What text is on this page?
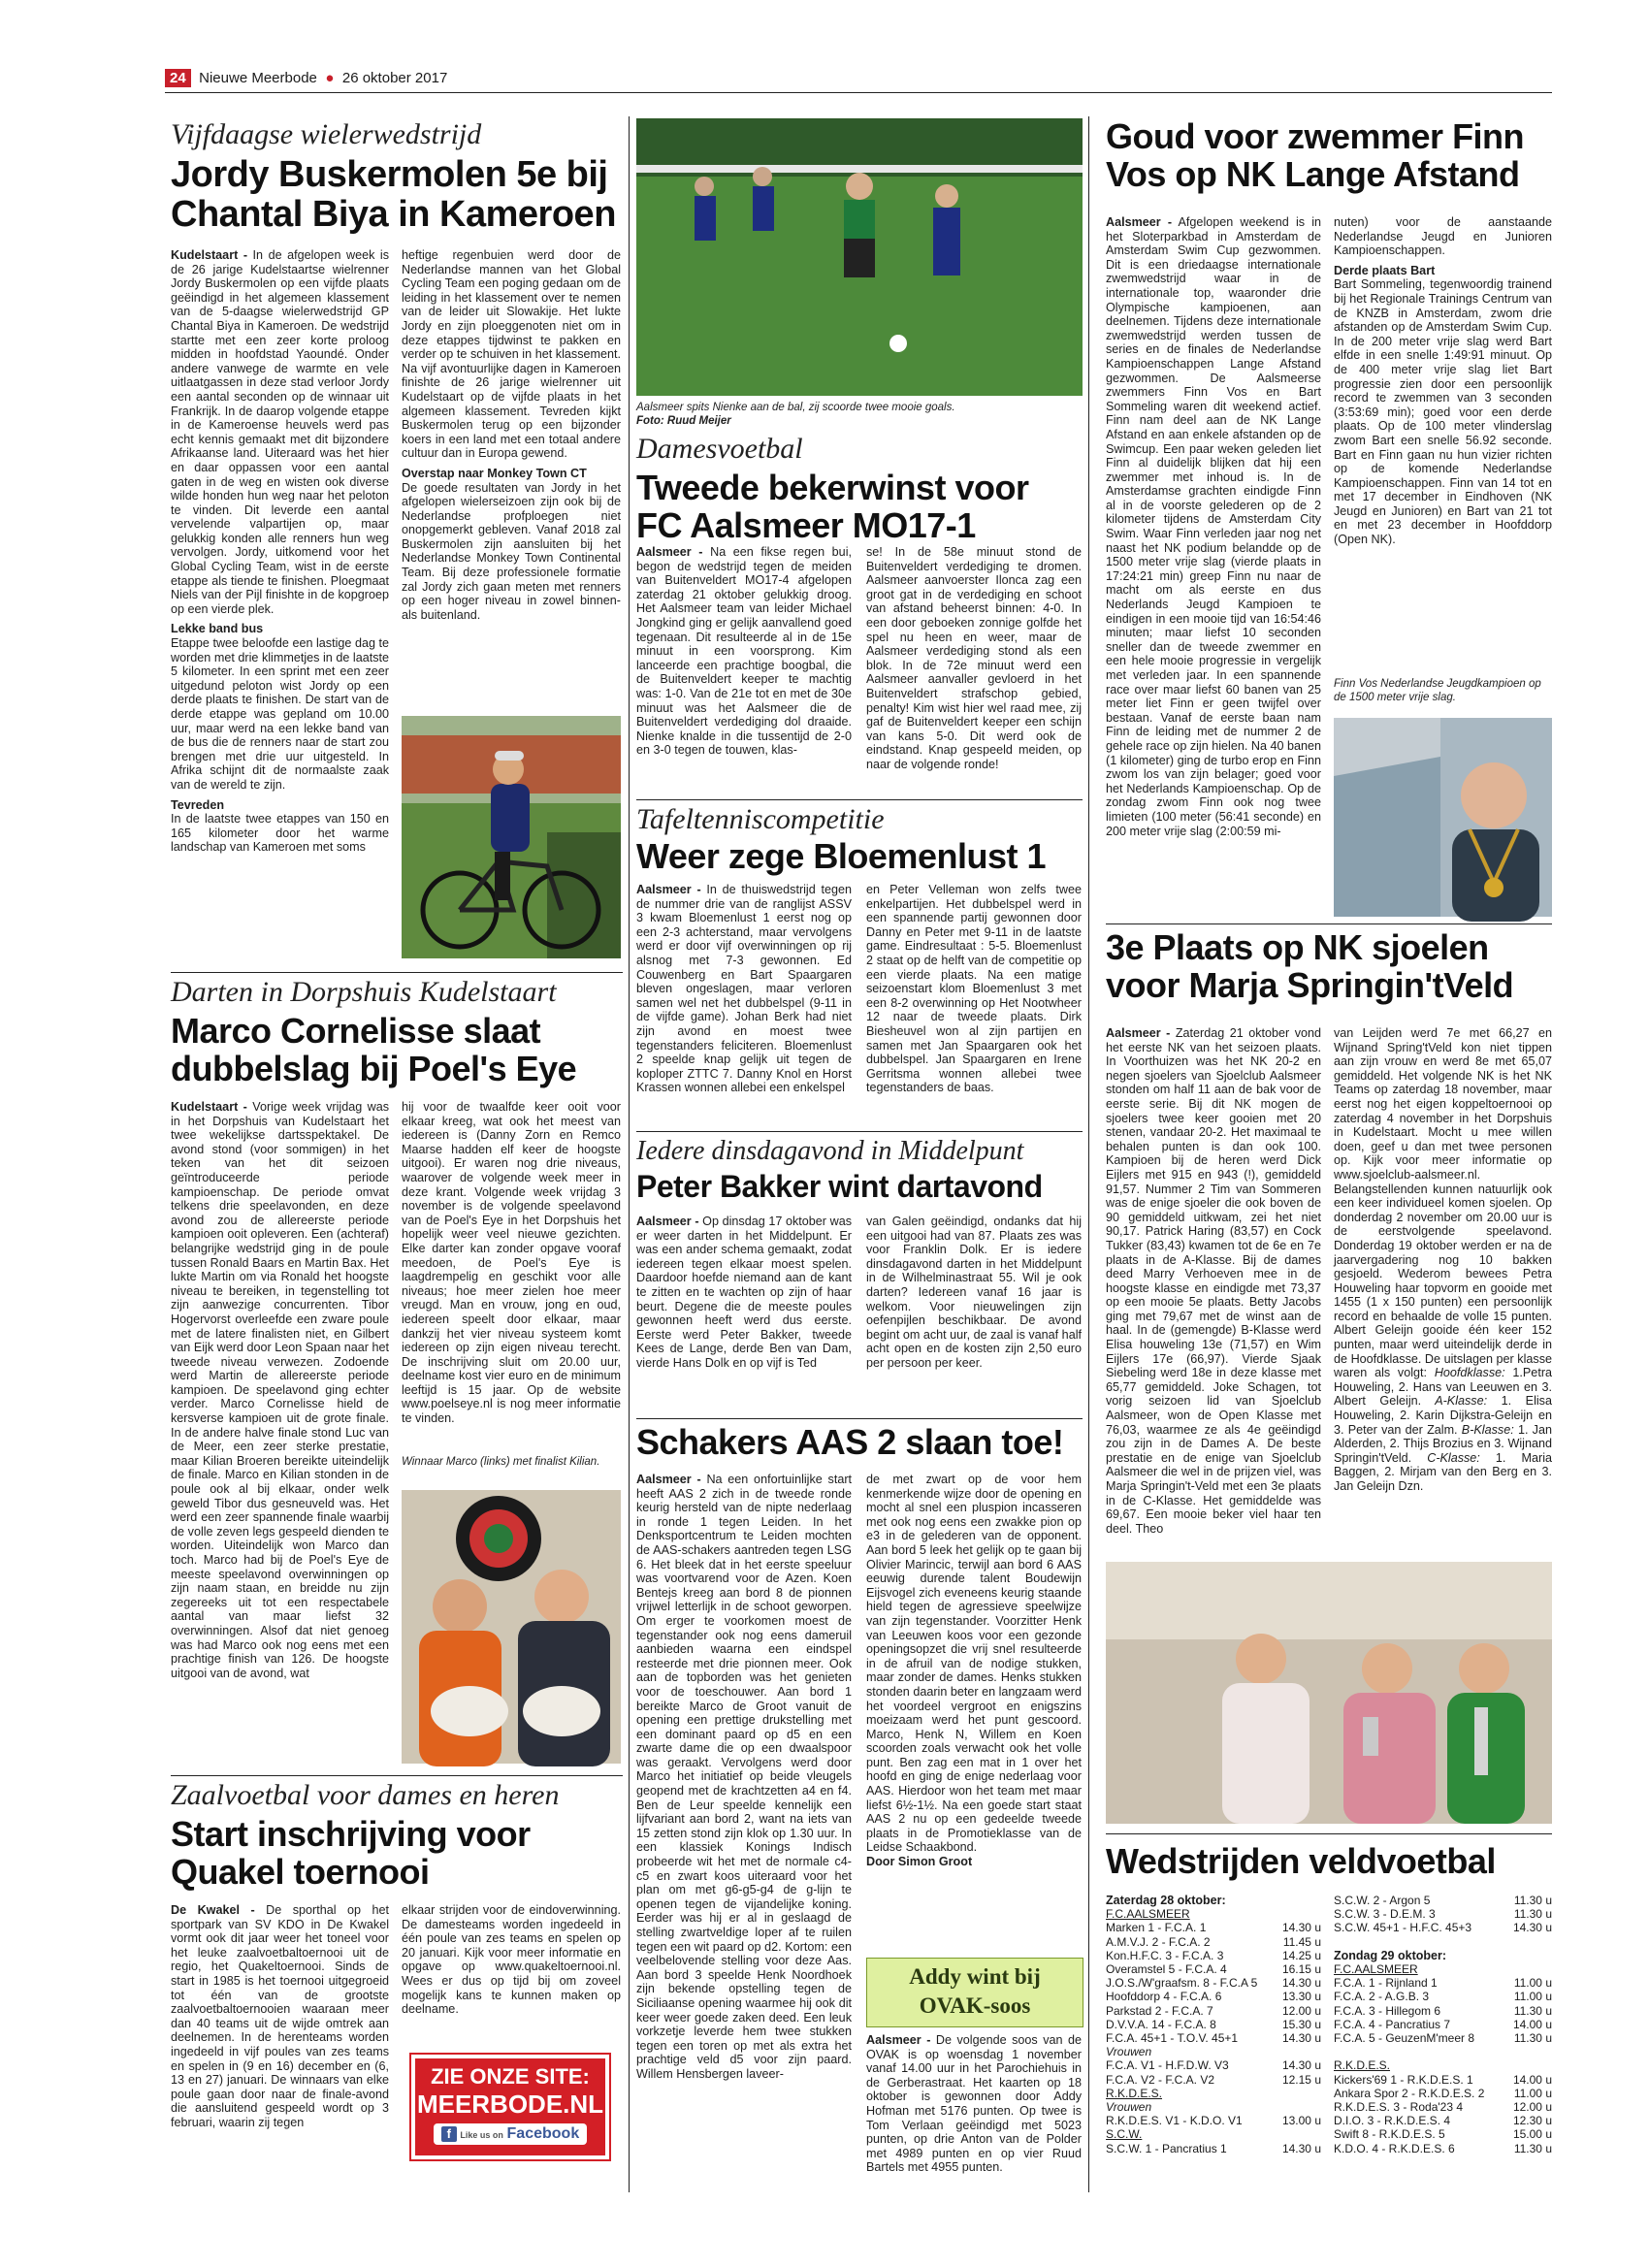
24 Nieuwe Meerbode ● 26 oktober 2017
Vijfdaagse wielerwedstrijd
Jordy Buskermolen 5e bij Chantal Biya in Kameroen
Kudelstaart - In de afgelopen week is de 26 jarige Kudelstaartse wielrenner Jordy Buskermolen op een vijfde plaats geëindigd in het algemeen klassement van de 5-daagse wielerwedstrijd GP Chantal Biya in Kameroen. De wedstrijd startte met een zeer korte proloog midden in hoofdstad Yaoundé. Onder andere vanwege de warmte en vele uitlaatgassen in deze stad verloor Jordy een aantal seconden op de winnaar uit Frankrijk. In de daarop volgende etappe in de Kameroense heuvels werd pas echt kennis gemaakt met dit bijzondere Afrikaanse land. Uiteraard was het hier en daar oppassen voor een aantal gaten in de weg en wisten ook diverse wilde honden hun weg naar het peloton te vinden. Dit leverde een aantal vervelende valpartijen op, maar gelukkig konden alle renners hun weg vervolgen. Jordy, uitkomend voor het Global Cycling Team, wist in de eerste etappe als tiende te finishen. Ploegmaat Niels van der Pijl finishte in de kopgroep op een vierde plek.
Lekke band bus
Etappe twee beloofde een lastige dag te worden met drie klimmetjes in de laatste 5 kilometer. In een sprint met een zeer uitgedund peloton wist Jordy op een derde plaats te finishen. De start van de derde etappe was gepland om 10.00 uur, maar werd na een lekke band van de bus die de renners naar de start zou brengen met drie uur uitgesteld. In Afrika schijnt dit de normaalste zaak van de wereld te zijn.
Tevreden
In de laatste twee etappes van 150 en 165 kilometer door het warme landschap van Kameroen met soms
heftige regenbuien werd door de Nederlandse mannen van het Global Cycling Team een poging gedaan om de leiding in het klassement over te nemen van de leider uit Slowakije. Het lukte Jordy en zijn ploeggenoten niet om in deze etappes tijdwinst te pakken en verder op te schuiven in het klassement. Na vijf avontuurlijke dagen in Kameroen finishte de 26 jarige wielrenner uit Kudelstaart op de vijfde plaats in het algemeen klassement. Tevreden kijkt Buskermolen terug op een bijzonder koers in een land met een totaal andere cultuur dan in Europa gewend.
Overstap naar Monkey Town CT
De goede resultaten van Jordy in het afgelopen wielerseizoen zijn ook bij de Nederlandse profploegen niet onopgemerkt gebleven. Vanaf 2018 zal Buskermolen zijn aansluiten bij het Nederlandse Monkey Town Continental Team. Bij deze professionele formatie zal Jordy zich gaan meten met renners op een hoger niveau in zowel binnen- als buitenland.
Darten in Dorpshuis Kudelstaart
Marco Cornelisse slaat dubbelslag bij Poel's Eye
Kudelstaart - Vorige week vrijdag was in het Dorpshuis van Kudelstaart het twee wekelijkse dartsspektakel. De avond stond (voor sommigen) in het teken van het dit seizoen geïntroduceerde periode kampioenschap. De periode omvat telkens drie speelavonden, en deze avond zou de allereerste periode kampioen ooit opleveren. Een (achteraf) belangrijke wedstrijd ging in de poule tussen Ronald Baars en Martin Bax. Het lukte Martin om via Ronald het hoogste niveau te bereiken, in tegenstelling tot zijn aanwezige concurrenten. Tibor Hogervorst overleefde een zware poule met de latere finalisten niet, en Gilbert van Eijk werd door Leon Spaan naar het tweede niveau verwezen. Zodoende werd Martin de allereerste periode kampioen. De speelavond ging echter verder. Marco Cornelisse hield de kersverse kampioen uit de grote finale. In de andere halve finale stond Luc van de Meer, een zeer sterke prestatie, maar Kilian Broeren bereikte uiteindelijk de finale. Marco en Kilian stonden in de poule ook al bij elkaar, onder welk geweld Tibor dus gesneuveld was. Het werd een zeer spannende finale waarbij de volle zeven legs gespeeld dienden te worden. Uiteindelijk won Marco dan toch. Marco had bij de Poel's Eye de meeste speelavond overwinningen op zijn naam staan, en breidde nu zijn zegereeks uit tot een respectabele aantal van maar liefst 32 overwinningen. Alsof dat niet genoeg was had Marco ook nog eens met een prachtige finish van 126. De hoogste uitgooi van de avond, wat
hij voor de twaalfde keer ooit voor elkaar kreeg, wat ook het meest van iedereen is (Danny Zorn en Remco Maarse hadden elf keer de hoogste uitgooi). Er waren nog drie niveaus, waarover de volgende week meer in deze krant. Volgende week vrijdag 3 november is de volgende speelavond van de Poel's Eye in het Dorpshuis het hopelijk weer veel nieuwe gezichten. Elke darter kan zonder opgave vooraf meedoen, de Poel's Eye is laagdrempelig en geschikt voor alle niveaus; hoe meer zielen hoe meer vreugd. Man en vrouw, jong en oud, iedereen speelt door elkaar, maar dankzij het vier niveau systeem komt iedereen op zijn eigen niveau terecht. De inschrijving sluit om 20.00 uur, deelname kost vier euro en de minimum leeftijd is 15 jaar. Op de website www.poelseye.nl is nog meer informatie te vinden.
Winnaar Marco (links) met finalist Kilian.
Zaalvoetbal voor dames en heren
Start inschrijving voor Quakel toernooi
De Kwakel - De sporthal op het sportpark van SV KDO in De Kwakel vormt ook dit jaar weer het toneel voor het leuke zaalvoetbaltoernooi uit de regio, het Quakeltoernooi. Sinds de start in 1985 is het toernooi uitgegroeid tot één van de grootste zaalvoetbaltoernooien waaraan meer dan 40 teams uit de wijde omtrek aan deelnemen. In de herenteams worden ingedeeld in vijf poules van zes teams en spelen in (9 en 16) december en (6, 13 en 27) januari. De winnaars van elke poule gaan door naar de finale-avond die aansluitend gespeeld wordt op 3 februari, waarin zij tegen
elkaar strijden voor de eindoverwinning. De damesteams worden ingedeeld in één poule van zes teams en spelen op 20 januari. Kijk voor meer informatie en opgave op www.quakeltoernooi.nl. Wees er dus op tijd bij om zoveel mogelijk kans te kunnen maken op deelname.
ZIE ONZE SITE:
MEERBODE.NL
f Like us on Facebook
Aalsmeer spits Nienke aan de bal, zij scoorde twee mooie goals.
Foto: Ruud Meijer
Damesvoetbal
Tweede bekerwinst voor FC Aalsmeer MO17-1
Aalsmeer - Na een fikse regen bui, begon de wedstrijd tegen de meiden van Buitenveldert MO17-4 afgelopen zaterdag 21 oktober gelukkig droog. Het Aalsmeer team van leider Michael Jongkind ging er gelijk aanvallend goed tegenaan. Dit resulteerde al in de 15e minuut in een voorsprong. Kim lanceerde een prachtige boogbal, die de Buitenveldert keeper te machtig was: 1-0. Van de 21e tot en met de 30e minuut was het Aalsmeer die de Buitenveldert verdediging dol draaide. Nienke knalde in die tussentijd de 2-0 en 3-0 tegen de touwen, klas-
se! In de 58e minuut stond de Buitenveldert verdediging te dromen. Aalsmeer aanvoerster Ilonca zag een groot gat in de verdediging en schoot van afstand beheerst binnen: 4-0. In een door geboeken zonnige golfde het spel nu heen en weer, maar de Aalsmeer verdediging stond als een blok. In de 72e minuut werd een Aalsmeer aanvaller gevloerd in het Buitenveldert strafschop gebied, penalty! Kim wist hier wel raad mee, zij gaf de Buitenveldert keeper een schijn van kans 5-0. Dit werd ook de eindstand. Knap gespeeld meiden, op naar de volgende ronde!
Tafeltenniscompetitie
Weer zege Bloemenlust 1
Aalsmeer - In de thuiswedstrijd tegen de nummer drie van de ranglijst ASSV 3 kwam Bloemenlust 1 eerst nog op een 2-3 achterstand, maar vervolgens werd er door vijf overwinningen op rij alsnog met 7-3 gewonnen. Ed Couwenberg en Bart Spaargaren bleven ongeslagen, maar verloren samen wel net het dubbelspel (9-11 in de vijfde game). Johan Berk had niet zijn avond en moest twee tegenstanders feliciteren. Bloemenlust 2 speelde knap gelijk uit tegen de koploper ZTTC 7. Danny Knol en Horst Krassen wonnen allebei een enkelspel
en Peter Velleman won zelfs twee enkelpartijen. Het dubbelspel werd in een spannende partij gewonnen door Danny en Peter met 9-11 in de laatste game. Eindresultaat : 5-5. Bloemenlust 2 staat op de helft van de competitie op een vierde plaats. Na een matige seizoenstart klom Bloemenlust 3 met een 8-2 overwinning op Het Nootwheer 12 naar de tweede plaats. Dirk Biesheuvel won al zijn partijen en samen met Jan Spaargaren ook het dubbelspel. Jan Spaargaren en Irene Gerritsma wonnen allebei twee tegenstanders de baas.
Iedere dinsdagavond in Middelpunt
Peter Bakker wint dartavond
Aalsmeer - Op dinsdag 17 oktober was er weer darten in het Middelpunt. Er was een ander schema gemaakt, zodat iedereen tegen elkaar moest spelen. Daardoor hoefde niemand aan de kant te zitten en te wachten op zijn of haar beurt. Degene die de meeste poules gewonnen heeft werd dus eerste. Eerste werd Peter Bakker, tweede Kees de Lange, derde Ben van Dam, vierde Hans Dolk en op vijf is Ted
van Galen geëindigd, ondanks dat hij een uitgooi had van 87. Plaats zes was voor Franklin Dolk. Er is iedere dinsdagavond darten in het Middelpunt in de Wilhelminastraat 55. Wil je ook darten? Iedereen vanaf 16 jaar is welkom. Voor nieuwelingen zijn oefenpijlen beschikbaar. De avond begint om acht uur, de zaal is vanaf half acht open en de kosten zijn 2,50 euro per persoon per keer.
Schakers AAS 2 slaan toe!
Aalsmeer - Na een onfortuinlijke start heeft AAS 2 zich in de tweede ronde keurig hersteld van de nipte nederlaag in ronde 1 tegen Leiden. In het Denksportcentrum te Leiden mochten de AAS-schakers aantreden tegen LSG 6. Het bleek dat in het eerste speeluur was voortvarend voor de Azen. Koen Bentejs kreeg aan bord 8 de pionnen vrijwel letterlijk in de schoot geworpen. Om erger te voorkomen moest de tegenstander ook nog eens dameruil aanbieden waarna een eindspel resteerde met drie pionnen meer. Ook aan de topborden was het genieten voor de toeschouwer. Aan bord 1 bereikte Marco de Groot vanuit de opening een prettige drukstelling met een dominant paard op d5 en een zwarte dame die op een dwaalspoor was geraakt. Vervolgens werd door Marco het initiatief op beide vleugels geopend met de krachtzetten a4 en f4. Ben de Leur speelde kennelijk een lijfvariant aan bord 2, want na iets van 15 zetten stond zijn klok op 1.30 uur. In een klassiek Konings Indisch probeerde wit het met de normale c4-c5 en zwart koos uiteraard voor het plan om met g6-g5-g4 de g-lijn te openen tegen de vijandelijke koning. Eerder was hij er al in geslaagd de stelling zwartveldige loper af te ruilen tegen een wit paard op d2. Kortom: een veelbelovende stelling voor deze Aas. Aan bord 3 speelde Henk Noordhoek zijn bekende opstelling tegen de Siciliaanse opening waarmee hij ook dit keer weer goede zaken deed. Een leuk vorkzetje leverde hem twee stukken tegen een toren op met als extra het prachtige veld d5 voor zijn paard. Willem Hensbergen laveer-
de met zwart op de voor hem kenmerkende wijze door de opening en mocht al snel een pluspion incasseren met ook nog eens een zwakke pion op e3 in de gelederen van de opponent. Aan bord 5 leek het gelijk op te gaan bij Olivier Marincic, terwijl aan bord 6 AAS eeuwig durende talent Boudewijn Eijsvogel zich eveneens keurig staande hield tegen de agressieve speelwijze van zijn tegenstander. Voorzitter Henk van Leeuwen koos voor een gezonde openingsopzet die vrij snel resulteerde in de afruil van de nodige stukken, maar zonder de dames. Henks stukken stonden daarin beter en langzaam werd het voordeel vergroot en enigszins moeizaam werd het punt gescoord. Marco, Henk N, Willem en Koen scoorden zoals verwacht ook het volle punt. Ben zag een mat in 1 over het hoofd en ging de enige nederlaag voor AAS. Hierdoor won het team met maar liefst 6½-1½. Na een goede start staat AAS 2 nu op een gedeelde tweede plaats in de Promotieklasse van de Leidse Schaakbond.
Door Simon Groot
Addy wint bij
OVAK-soos
Aalsmeer - De volgende soos van de OVAK is op woensdag 1 november vanaf 14.00 uur in het Parochiehuis in de Gerberastraat. Het kaarten op 18 oktober is gewonnen door Addy Hofman met 5176 punten. Op twee is Tom Verlaan geëindigd met 5023 punten, op drie Anton van de Polder met 4989 punten en op vier Ruud Bartels met 4955 punten.
Goud voor zwemmer Finn Vos op NK Lange Afstand
Aalsmeer - Afgelopen weekend is in het Sloterparkbad in Amsterdam de Amsterdam Swim Cup gezwommen. Dit is een driedaagse internationale zwemwedstrijd waar in de internationale top, waaronder drie Olympische kampioenen, aan deelnemen. Tijdens deze internationale zwemwedstrijd werden tussen de series en de finales de Nederlandse Kampioenschappen Lange Afstand gezwommen. De Aalsmeerse zwemmers Finn Vos en Bart Sommeling waren dit weekend actief. Finn nam deel aan de NK Lange Afstand en aan enkele afstanden op de Swimcup. Een paar weken geleden liet Finn al duidelijk blijken dat hij een zwemmer met inhoud is. In de Amsterdamse grachten eindigde Finn al in de voorste gelederen op de 2 kilometer tijdens de Amsterdam City Swim. Waar Finn verleden jaar nog net naast het NK podium belandde op de 1500 meter vrije slag (vierde plaats in 17:24:21 min) greep Finn nu naar de macht om als eerste en dus Nederlands Jeugd Kampioen te eindigen in een mooie tijd van 16:54:46 minuten; maar liefst 10 seconden sneller dan de tweede zwemmer en een hele mooie progressie in vergelijk met verleden jaar. In een spannende race over maar liefst 60 banen van 25 meter liet Finn er geen twijfel over bestaan. Vanaf de eerste baan nam Finn de leiding met de nummer 2 de gehele race op zijn hielen. Na 40 banen (1 kilometer) ging de turbo erop en Finn zwom los van zijn belager; goed voor het Nederlands Kampioenschap. Op de zondag zwom Finn ook nog twee limieten (100 meter (56:41 seconde) en 200 meter vrije slag (2:00:59 mi-
nuten) voor de aanstaande Nederlandse Jeugd en Junioren Kampioenschappen.
Derde plaats Bart
Bart Sommeling, tegenwoordig trainend bij het Regionale Trainings Centrum van de KNZB in Amsterdam, zwom drie afstanden op de Amsterdam Swim Cup. In de 200 meter vrije slag werd Bart elfde in een snelle 1:49:91 minuut. Op de 400 meter vrije slag liet Bart progressie zien door een persoonlijk record te zwemmen van 3 seconden (3:53:69 min); goed voor een derde plaats. Op de 100 meter vlinderslag zwom Bart een snelle 56.92 seconde. Bart en Finn gaan nu hun vizier richten op de komende Nederlandse Kampioenschappen. Finn van 14 tot en met 17 december in Eindhoven (NK Jeugd en Junioren) en Bart van 21 tot en met 23 december in Hoofddorp (Open NK).
Finn Vos Nederlandse Jeugdkampioen op de 1500 meter vrije slag.
3e Plaats op NK sjoelen voor Marja Springin'tVeld
Aalsmeer - Zaterdag 21 oktober vond het eerste NK van het seizoen plaats. In Voorthuizen was het NK 20-2 en negen sjoelers van Sjoelclub Aalsmeer stonden om half 11 aan de bak voor de eerste serie. Bij dit NK mogen de sjoelers twee keer gooien met 20 stenen, vandaar 20-2. Het maximaal te behalen punten is dan ook 100. Kampioen bij de heren werd Dick Eijlers met 915 en 943 (!), gemiddeld 91,57. Nummer 2 Tim van Sommeren was de enige sjoeler die ook boven de 90 gemiddeld uitkwam, zei het niet 90,17. Patrick Haring (83,57) en Cock Tukker (83,43) kwamen tot de 6e en 7e plaats in de A-Klasse. Bij de dames deed Marry Verhoeven mee in de hoogste klasse en eindigde met 73,37 op een mooie 5e plaats. Betty Jacobs ging met 79,67 met de winst aan de haal. In de (gemengde) B-Klasse werd Elisa houweling 13e (71,57) en Wim Eijlers 17e (66,97). Vierde Sjaak Siebeling werd 18e in deze klasse met 65,77 gemiddeld. Joke Schagen, tot vorig seizoen lid van Sjoelclub Aalsmeer, won de Open Klasse met 76,03, waarmee ze als 4e geëindigd zou zijn in de Dames A. De beste prestatie en de enige van Sjoelclub Aalsmeer die wel in de prijzen viel, was Marja Springin't-Veld met een 3e plaats in de C-Klasse. Het gemiddelde was 69,67. Een mooie beker viel haar ten deel. Theo
van Leijden werd 7e met 66,27 en Wijnand Spring'tVeld kon niet tippen aan zijn vrouw en werd 8e met 65,07 gemiddeld. Het volgende NK is het NK Teams op zaterdag 18 november, maar eerst nog het eigen koppeltoernooi op zaterdag 4 november in het Dorpshuis in Kudelstaart. Mocht u mee willen doen, geef u dan met twee personen op. Kijk voor meer informatie op www.sjoelclub-aalsmeer.nl. Belangstellenden kunnen natuurlijk ook een keer individueel komen sjoelen. Op donderdag 2 november om 20.00 uur is de eerstvolgende speelavond. Donderdag 19 oktober werden er na de jaarvergadering nog 10 bakken gesjoeld. Wederom bewees Petra Houweling haar topvorm en gooide met 1455 (1 x 150 punten) een persoonlijk record en behaalde de volle 15 punten. Albert Geleijn gooide één keer 152 punten, maar werd uiteindelijk derde in de Hoofdklasse. De uitslagen per klasse waren als volgt: Hoofdklasse: 1.Petra Houweling, 2. Hans van Leeuwen en 3. Albert Geleijn. A-Klasse: 1. Elisa Houweling, 2. Karin Dijkstra-Geleijn en 3. Peter van der Zalm. B-Klasse: 1. Jan Alderden, 2. Thijs Brozius en 3. Wijnand Springin'tVeld. C-Klasse: 1. Maria Baggen, 2. Mirjam van den Berg en 3. Jan Geleijn Dzn.
Wedstrijden veldvoetbal
Zaterdag 28 oktober:	
F.C.AALSMEER	
Marken 1 - F.C.A. 1	14.30 u
A.M.V.J. 2 - F.C.A. 2	11.45 u
Kon.H.F.C. 3 - F.C.A. 3	14.25 u
Overamstel 5 - F.C.A. 4	16.15 u
J.O.S./W'graafsm. 8 - F.C.A 5	14.30 u
Hoofddorp 4 - F.C.A. 6	13.30 u
Parkstad 2 - F.C.A. 7	12.00 u
D.V.V.A. 14 - F.C.A. 8	15.30 u
F.C.A. 45+1 - T.O.V. 45+1	14.30 u
Vrouwen	
F.C.A. V1 - H.F.D.W. V3	14.30 u
F.C.A. V2 - F.C.A. V2	12.15 u
R.K.D.E.S.	
Vrouwen	
R.K.D.E.S. V1 - K.D.O. V1	13.00 u
S.C.W.	
S.C.W. 1 - Pancratius 1	14.30 u
S.C.W. 2 - Argon 5	11.30 u
S.C.W. 3 - D.E.M. 3	11.30 u
S.C.W. 45+1 - H.F.C. 45+3	14.30 u

Zondag 29 oktober:	
F.C.AALSMEER	
F.C.A. 1 - Rijnland 1	11.00 u
F.C.A. 2 - A.G.B. 3	11.00 u
F.C.A. 3 - Hillegom 6	11.30 u
F.C.A. 4 - Pancratius 7	14.00 u
F.C.A. 5 - GeuzenM'meer 8	11.30 u

R.K.D.E.S.	
Kickers'69 1 - R.K.D.E.S. 1	14.00 u
Ankara Spor 2 - R.K.D.E.S. 2	11.00 u
R.K.D.E.S. 3 - Roda'23 4	12.00 u
D.I.O. 3 - R.K.D.E.S. 4	12.30 u
Swift 8 - R.K.D.E.S. 5	15.00 u
K.D.O. 4 - R.K.D.E.S. 6	11.30 u
